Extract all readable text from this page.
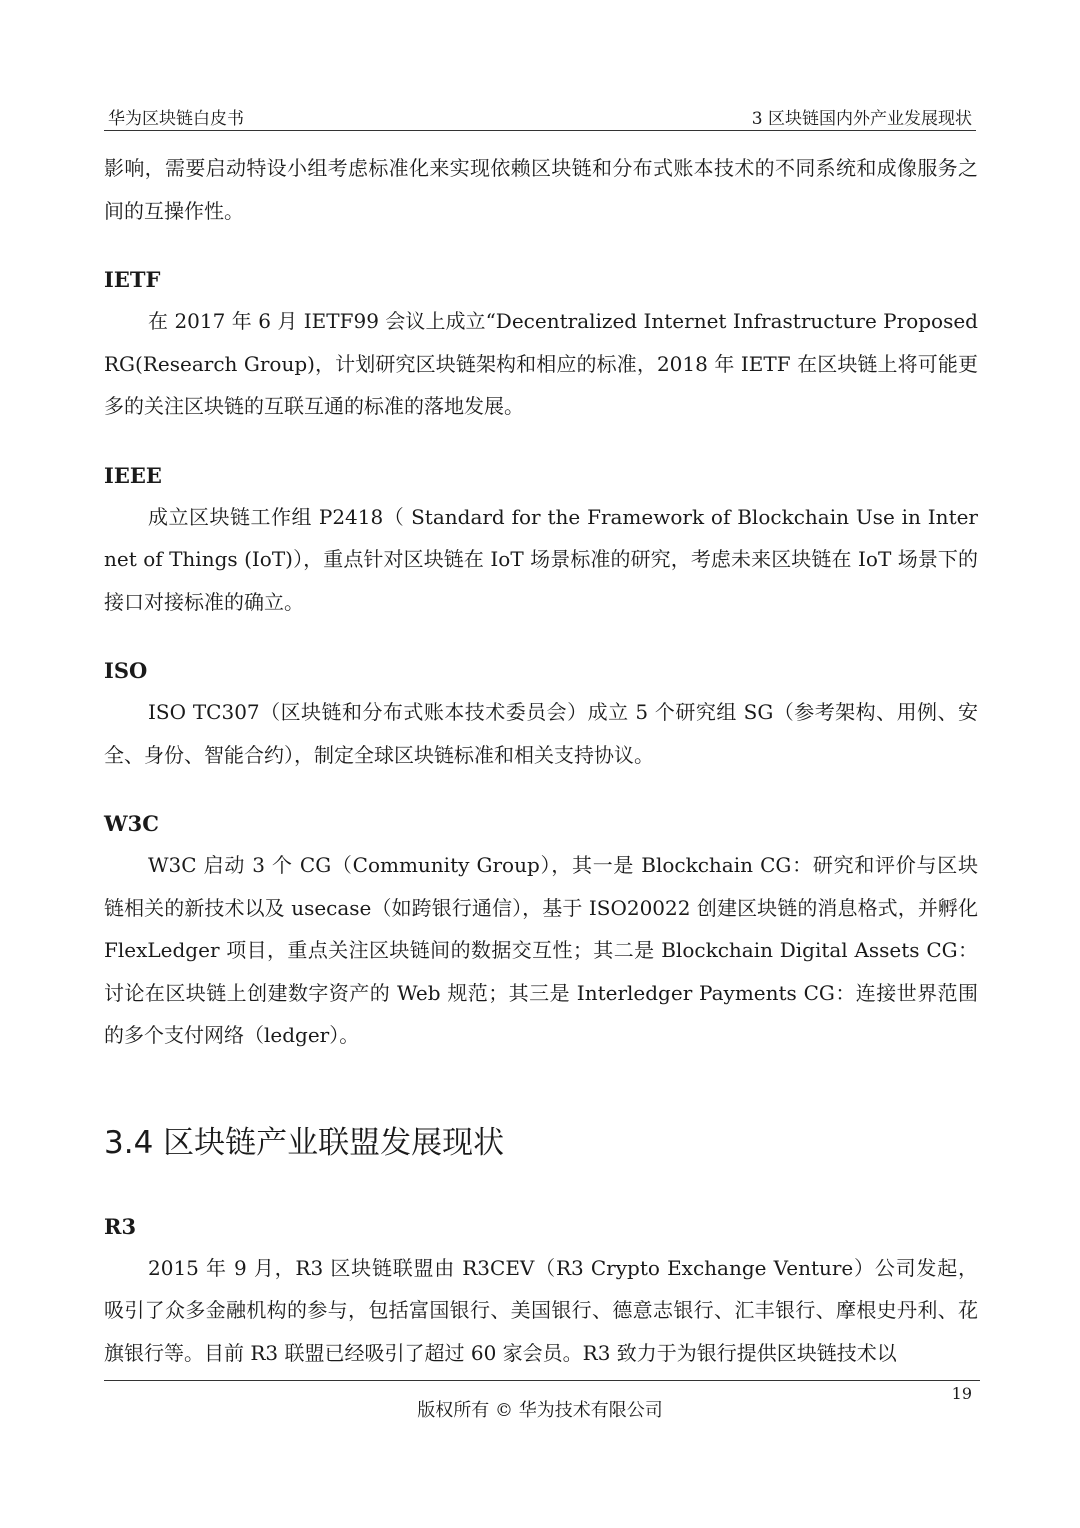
华为区块链白皮书	3 区块链国内外产业发展现状

影响，需要启动特设小组考虑标准化来实现依赖区块链和分布式账本技术的不同系统和成像服务之间的互操作性。

IETF

在 2017 年 6 月 IETF99 会议上成立“Decentralized Internet Infrastructure Proposed RG(Research Group)，计划研究区块链架构和相应的标准，2018 年 IETF 在区块链上将可能更多的关注区块链的互联互通的标准的落地发展。

IEEE

成立区块链工作组 P2418（ Standard for the Framework of Blockchain Use in Internet of Things (IoT)），重点针对区块链在 IoT 场景标准的研究，考虑未来区块链在 IoT 场景下的接口对接标准的确立。

ISO

ISO TC307（区块链和分布式账本技术委员会）成立 5 个研究组 SG（参考架构、用例、安全、身份、智能合约），制定全球区块链标准和相关支持协议。

W3C

W3C 启动 3 个 CG（Community Group），其一是 Blockchain CG：研究和评价与区块链相关的新技术以及 usecase（如跨银行通信），基于 ISO20022 创建区块链的消息格式，并孵化 FlexLedger 项目，重点关注区块链间的数据交互性；其二是 Blockchain Digital Assets CG：讨论在区块链上创建数字资产的 Web 规范；其三是 Interledger Payments CG：连接世界范围的多个支付网络（ledger）。

3.4 区块链产业联盟发展现状
R3

2015 年 9 月，R3 区块链联盟由 R3CEV（R3 Crypto Exchange Venture）公司发起，吸引了众多金融机构的参与，包括富国银行、美国银行、德意志银行、汇丰银行、摩根史丹利、花旗银行等。目前 R3 联盟已经吸引了超过 60 家会员。R3 致力于为银行提供区块链技术以

19
版权所有 © 华为技术有限公司
